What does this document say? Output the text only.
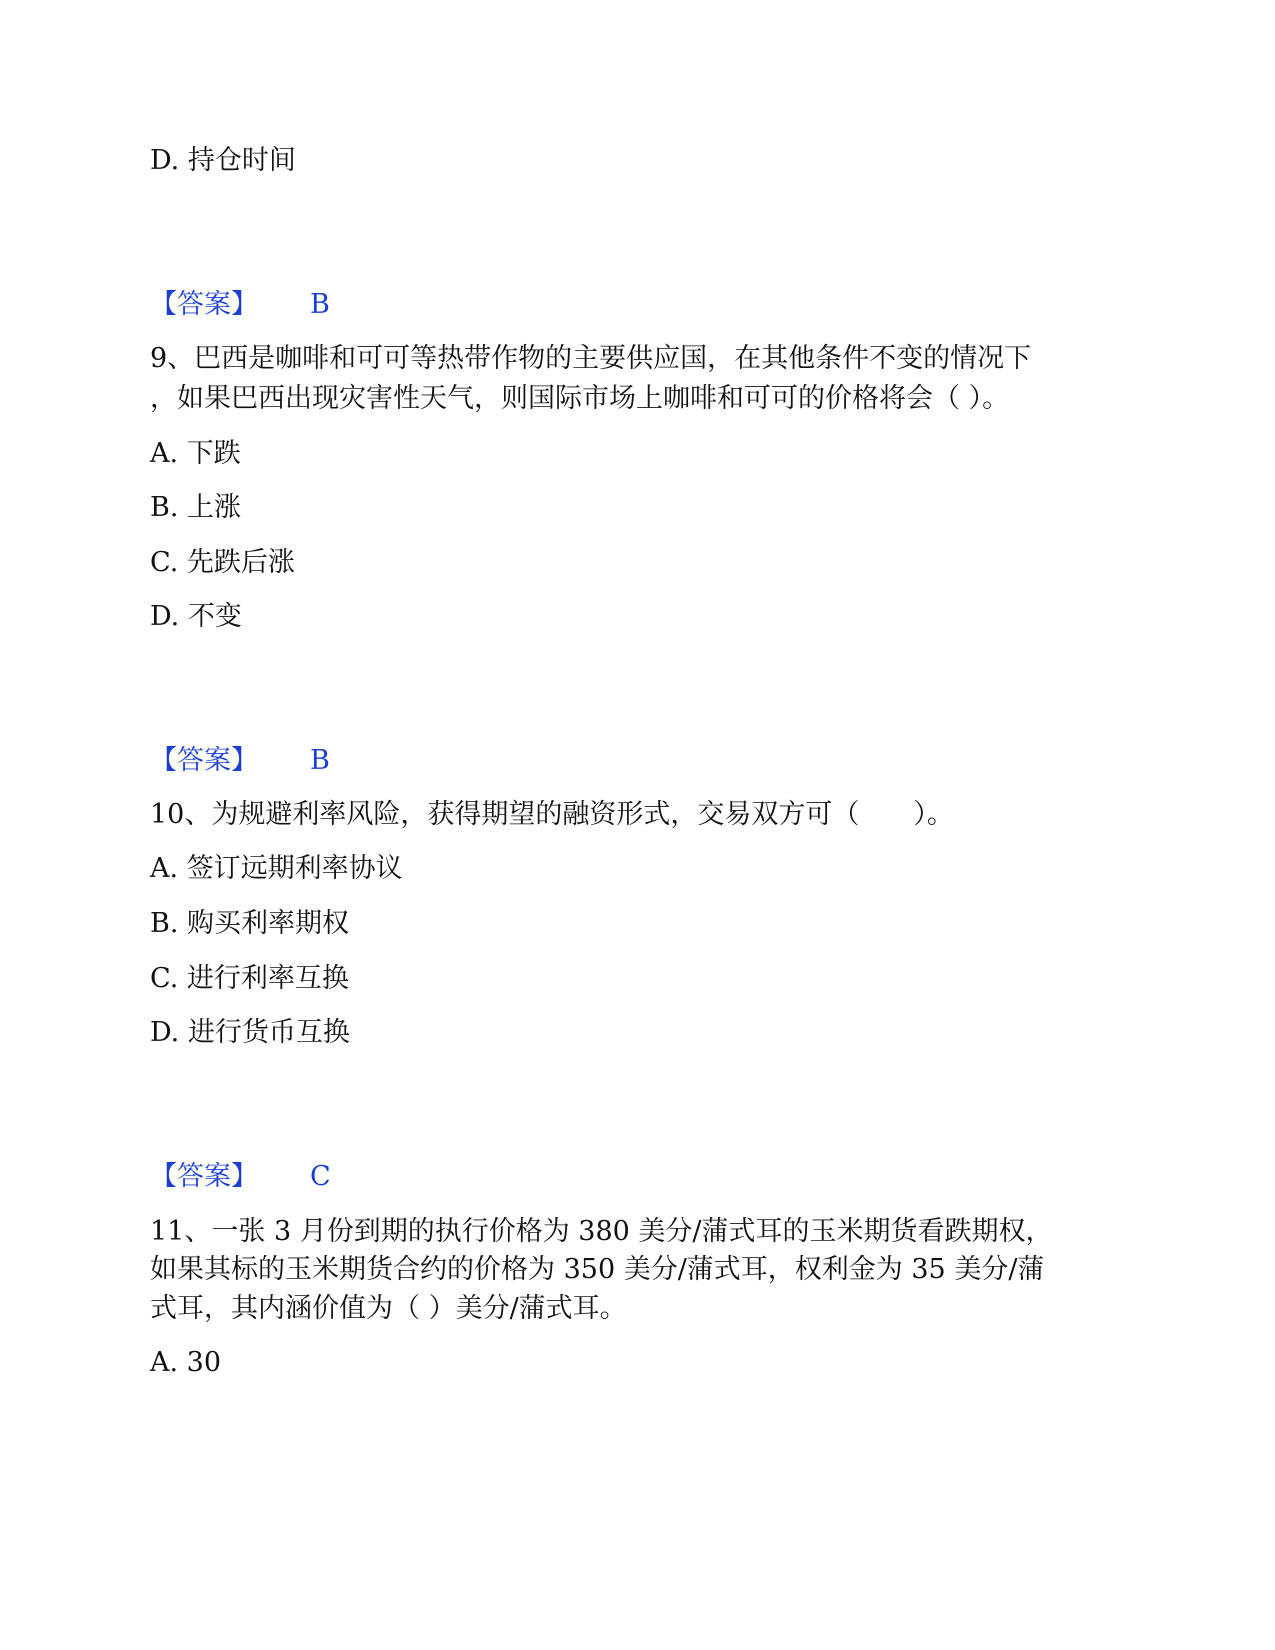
D. 持仓时间

【答案】 B

9、巴西是咖啡和可可等热带作物的主要供应国，在其他条件不变的情况下

，如果巴西出现灾害性天气，则国际市场上咖啡和可可的价格将会（ ）。

A. 下跌

B. 上涨

C. 先跌后涨

D. 不变

【答案】 B

10、为规避利率风险，获得期望的融资形式，交易双方可（　　）。

A. 签订远期利率协议

B. 购买利率期权

C. 进行利率互换

D. 进行货币互换

【答案】 C

11、一张 3 月份到期的执行价格为 380 美分/蒲式耳的玉米期货看跌期权，

如果其标的玉米期货合约的价格为 350 美分/蒲式耳，权利金为 35 美分/蒲

式耳，其内涵价值为（ ）美分/蒲式耳。

A. 30
